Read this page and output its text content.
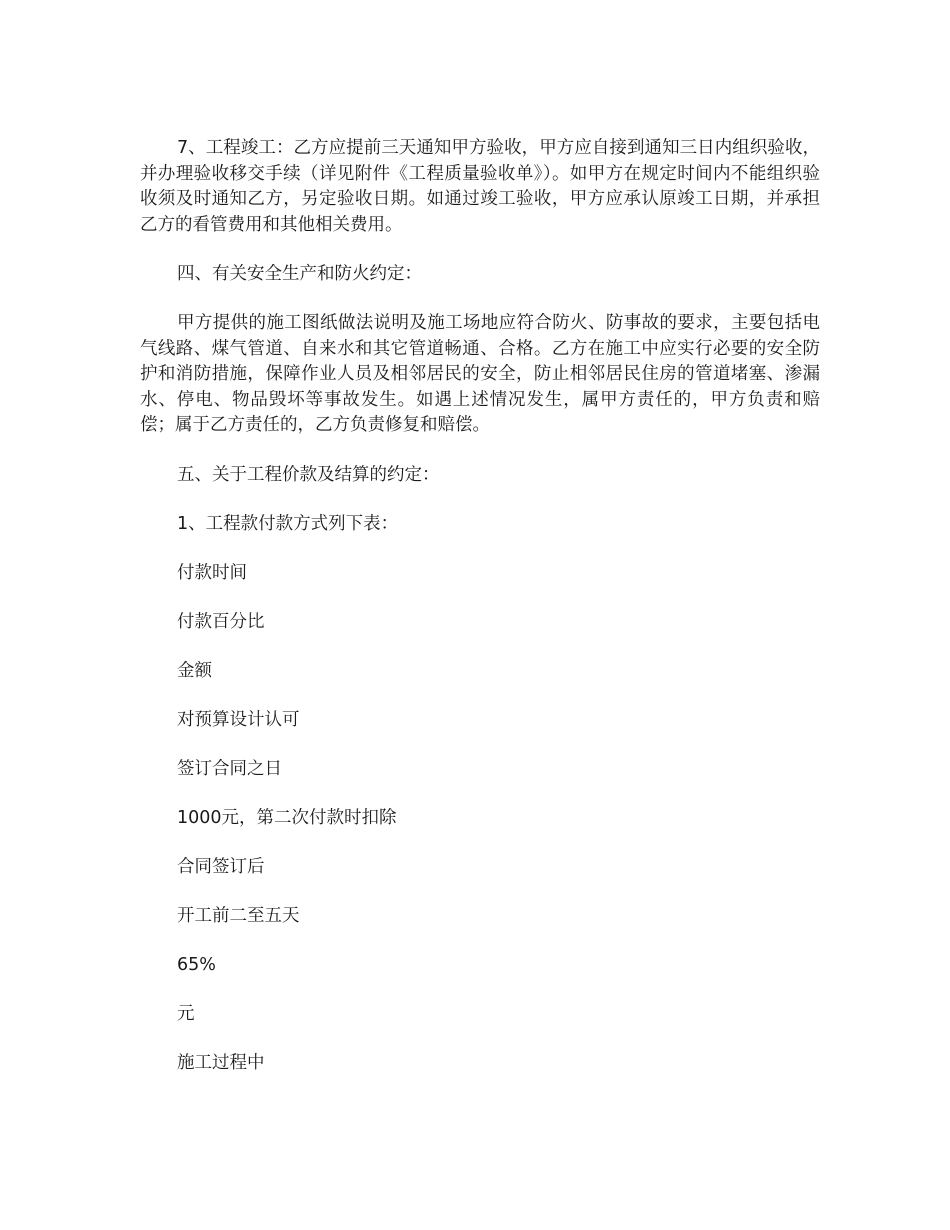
7、工程竣工：乙方应提前三天通知甲方验收，甲方应自接到通知三日内组织验收，并办理验收移交手续（详见附件《工程质量验收单》）。如甲方在规定时间内不能组织验收须及时通知乙方，另定验收日期。如通过竣工验收，甲方应承认原竣工日期，并承担乙方的看管费用和其他相关费用。

四、有关安全生产和防火约定：

甲方提供的施工图纸做法说明及施工场地应符合防火、防事故的要求，主要包括电气线路、煤气管道、自来水和其它管道畅通、合格。乙方在施工中应实行必要的安全防护和消防措施，保障作业人员及相邻居民的安全，防止相邻居民住房的管道堵塞、渗漏水、停电、物品毁坏等事故发生。如遇上述情况发生，属甲方责任的，甲方负责和赔偿；属于乙方责任的，乙方负责修复和赔偿。

五、关于工程价款及结算的约定：

1、工程款付款方式列下表：

付款时间

付款百分比

金额

对预算设计认可

签订合同之日

1000元，第二次付款时扣除

合同签订后

开工前二至五天

65%

元

施工过程中
